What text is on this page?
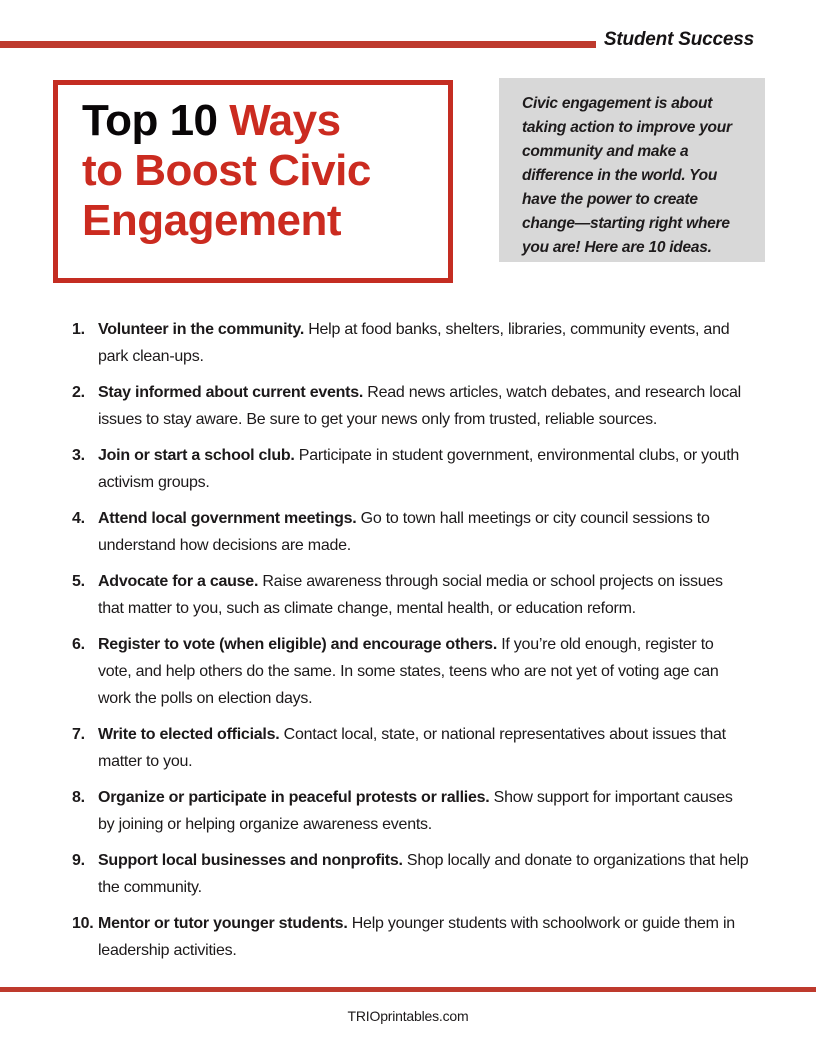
Student Success
Top 10 Ways
to Boost Civic
Engagement
Civic engagement is about taking action to improve your community and make a difference in the world. You have the power to create change—starting right where you are! Here are 10 ideas.
1. Volunteer in the community. Help at food banks, shelters, libraries, community events, and park clean-ups.
2. Stay informed about current events. Read news articles, watch debates, and research local issues to stay aware. Be sure to get your news only from trusted, reliable sources.
3. Join or start a school club. Participate in student government, environmental clubs, or youth activism groups.
4. Attend local government meetings. Go to town hall meetings or city council sessions to understand how decisions are made.
5. Advocate for a cause. Raise awareness through social media or school projects on issues that matter to you, such as climate change, mental health, or education reform.
6. Register to vote (when eligible) and encourage others. If you’re old enough, register to vote, and help others do the same. In some states, teens who are not yet of voting age can work the polls on election days.
7. Write to elected officials. Contact local, state, or national representatives about issues that matter to you.
8. Organize or participate in peaceful protests or rallies. Show support for important causes by joining or helping organize awareness events.
9. Support local businesses and nonprofits. Shop locally and donate to organizations that help the community.
10. Mentor or tutor younger students. Help younger students with schoolwork or guide them in leadership activities.
TRIOprintables.com
